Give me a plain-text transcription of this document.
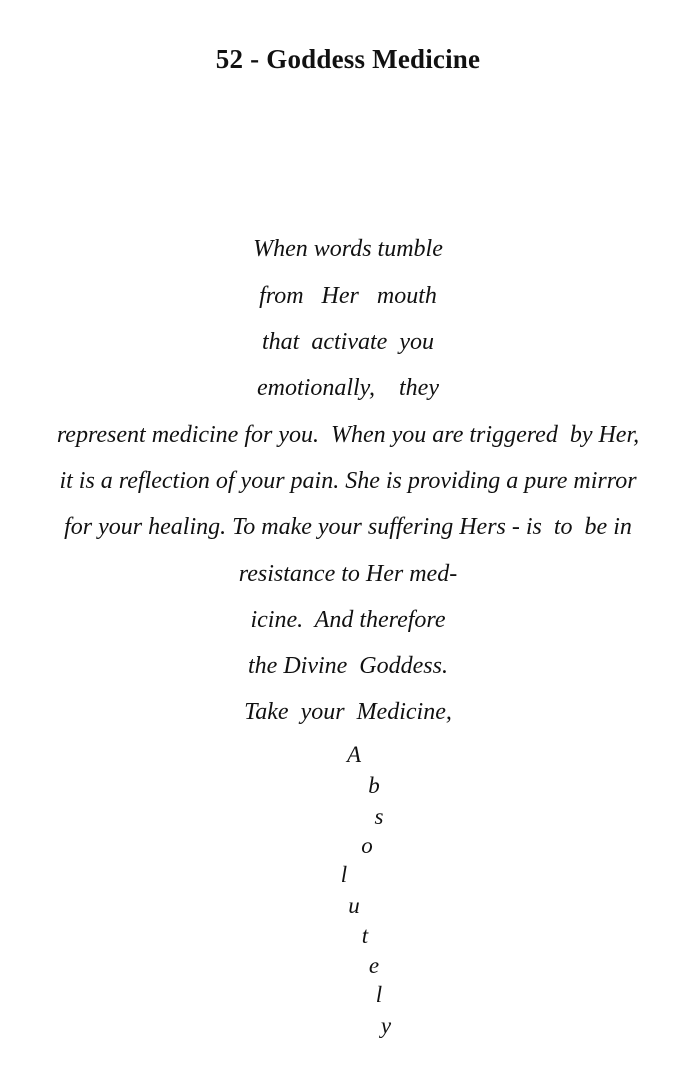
52 - Goddess Medicine
When words tumble
from   Her   mouth
that  activate  you
emotionally,    they
represent medicine for you.  When you are triggered  by Her,
it is a reflection of your pain. She is providing a pure mirror
for your healing. To make your suffering Hers - is  to  be in
resistance to Her med-
icine.  And therefore
the Divine  Goddess.
Take  your  Medicine,
A
b
s
o
l
u
t
e
l
y
